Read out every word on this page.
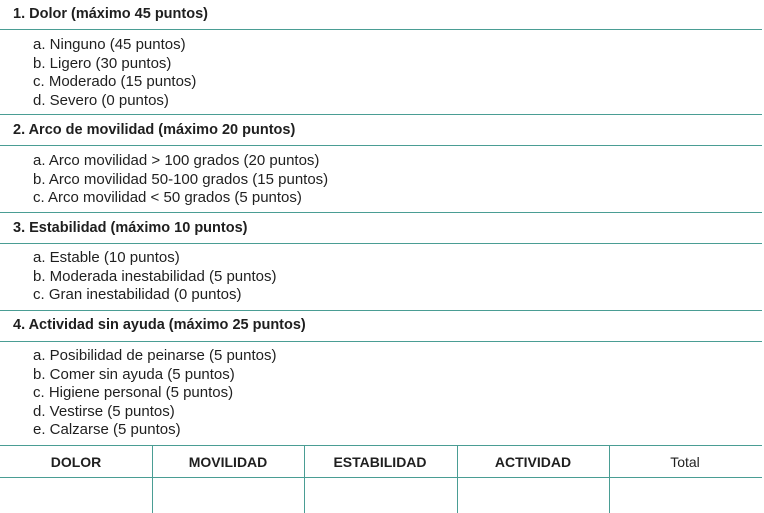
1. Dolor (máximo 45 puntos)
a. Ninguno (45 puntos)
b. Ligero (30 puntos)
c. Moderado (15 puntos)
d. Severo (0 puntos)
2. Arco de movilidad (máximo 20 puntos)
a. Arco movilidad > 100 grados (20 puntos)
b. Arco movilidad 50-100 grados (15 puntos)
c. Arco movilidad < 50 grados (5 puntos)
3. Estabilidad (máximo 10 puntos)
a. Estable (10 puntos)
b. Moderada inestabilidad (5 puntos)
c. Gran inestabilidad (0 puntos)
4. Actividad sin ayuda (máximo 25 puntos)
a. Posibilidad de peinarse (5 puntos)
b. Comer sin ayuda (5 puntos)
c. Higiene personal (5 puntos)
d. Vestirse (5 puntos)
e. Calzarse (5 puntos)
DOLOR	MOVILIDAD	ESTABILIDAD	ACTIVIDAD	Total
